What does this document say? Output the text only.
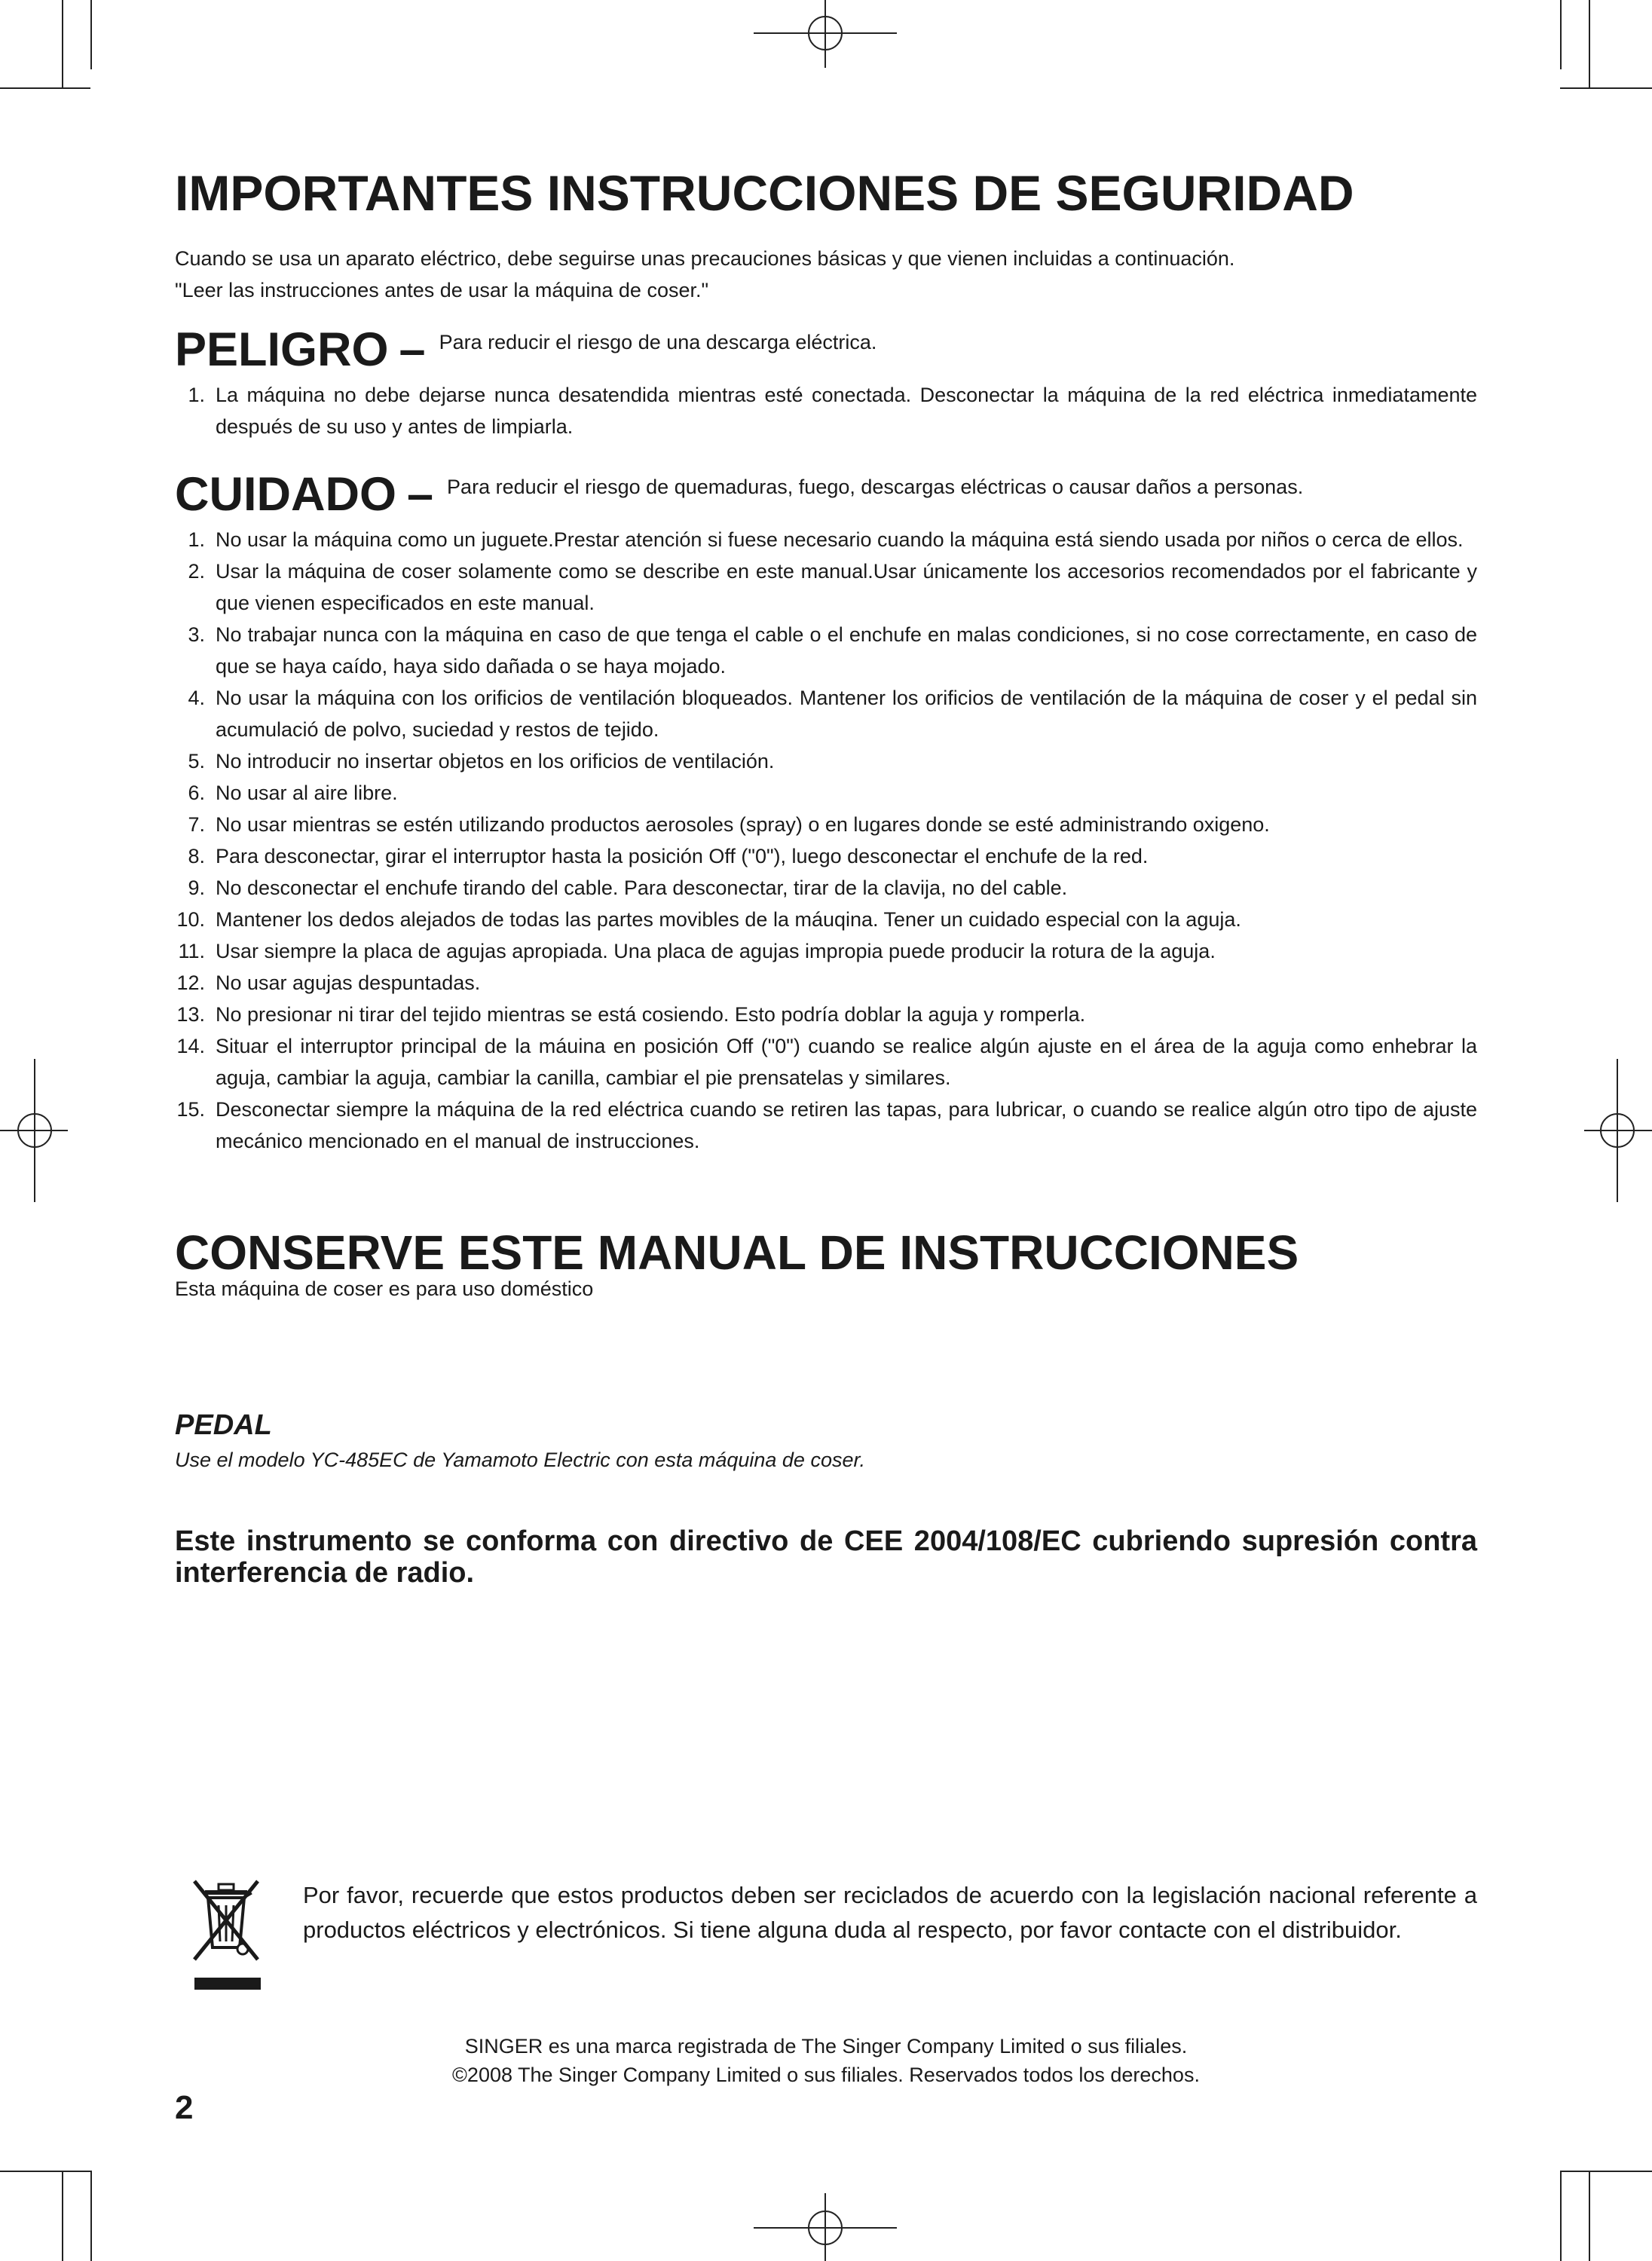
IMPORTANTES INSTRUCCIONES DE SEGURIDAD
Cuando se usa un aparato eléctrico, debe seguirse unas precauciones básicas y que vienen incluidas a continuación.
"Leer las instrucciones antes de usar la máquina de coser."
PELIGRO – Para reducir el riesgo de una descarga eléctrica.
1. La máquina no debe dejarse nunca desatendida mientras esté conectada. Desconectar la máquina de la red eléctrica inmediatamente después de su uso y antes de limpiarla.
CUIDADO – Para reducir el riesgo de quemaduras, fuego, descargas eléctricas o causar daños a personas.
1. No usar la máquina como un juguete.Prestar atención si fuese necesario cuando la máquina está siendo usada por niños o cerca de ellos.
2. Usar la máquina de coser solamente como se describe en este manual.Usar únicamente los accesorios recomendados por el fabricante y que vienen especificados en este manual.
3. No trabajar nunca con la máquina en caso de que tenga el cable o el enchufe en malas condiciones, si no cose correctamente, en caso de que se haya caído, haya sido dañada o se haya mojado.
4. No usar la máquina con los orificios de ventilación bloqueados. Mantener los orificios de ventilación de la máquina de coser y el pedal sin acumulació de polvo, suciedad y restos de tejido.
5. No introducir no insertar objetos en los orificios de ventilación.
6. No usar al aire libre.
7. No usar mientras se estén utilizando productos aerosoles (spray) o en lugares donde se esté administrando oxigeno.
8. Para desconectar, girar el interruptor hasta la posición Off ("0"), luego desconectar el enchufe de la red.
9. No desconectar el enchufe tirando del cable. Para desconectar, tirar de la clavija, no del cable.
10. Mantener los dedos alejados de todas las partes movibles de la máuqina. Tener un cuidado especial con la aguja.
11. Usar siempre la placa de agujas apropiada. Una placa de agujas impropia puede producir la rotura de la aguja.
12. No usar agujas despuntadas.
13. No presionar ni tirar del tejido mientras se está cosiendo. Esto podría doblar la aguja y romperla.
14. Situar el interruptor principal de la máuina en posición Off ("0") cuando se realice algún ajuste en el área de la aguja como enhebrar la aguja, cambiar la aguja, cambiar la canilla, cambiar el pie prensatelas y similares.
15. Desconectar siempre la máquina de la red eléctrica cuando se retiren las tapas, para lubricar, o cuando se realice algún otro tipo de ajuste mecánico mencionado en el manual de instrucciones.
CONSERVE ESTE MANUAL DE INSTRUCCIONES
Esta máquina de coser es para uso doméstico
PEDAL
Use el modelo YC-485EC de Yamamoto Electric con esta máquina de coser.
Este instrumento se conforma con directivo de CEE 2004/108/EC cubriendo supresión contra interferencia de radio.
Por favor, recuerde que estos productos deben ser reciclados de acuerdo con la legislación nacional referente a productos eléctricos y electrónicos. Si tiene alguna duda al respecto, por favor contacte con el distribuidor.
SINGER es una marca registrada de The Singer Company Limited o sus filiales.
©2008 The Singer Company Limited o sus filiales. Reservados todos los derechos.
2
